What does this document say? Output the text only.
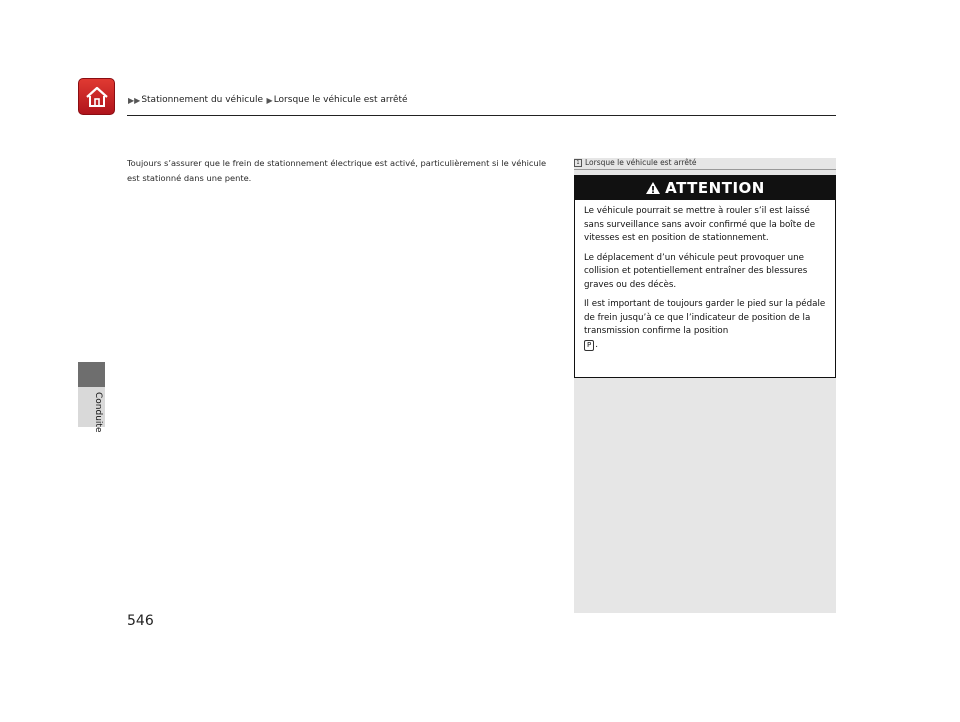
▶▶ Stationnement du véhicule ▶ Lorsque le véhicule est arrêté
Conduite
Toujours s’assurer que le frein de stationnement électrique est activé, particulièrement si le véhicule est stationné dans une pente.
1 Lorsque le véhicule est arrêté
ATTENTION

Le véhicule pourrait se mettre à rouler s’il est laissé sans surveillance sans avoir confirmé que la boîte de vitesses est en position de stationnement.

Le déplacement d’un véhicule peut provoquer une collision et potentiellement entraîner des blessures graves ou des décès.

Il est important de toujours garder le pied sur la pédale de frein jusqu’à ce que l’indicateur de position de la transmission confirme la position
P .

546
